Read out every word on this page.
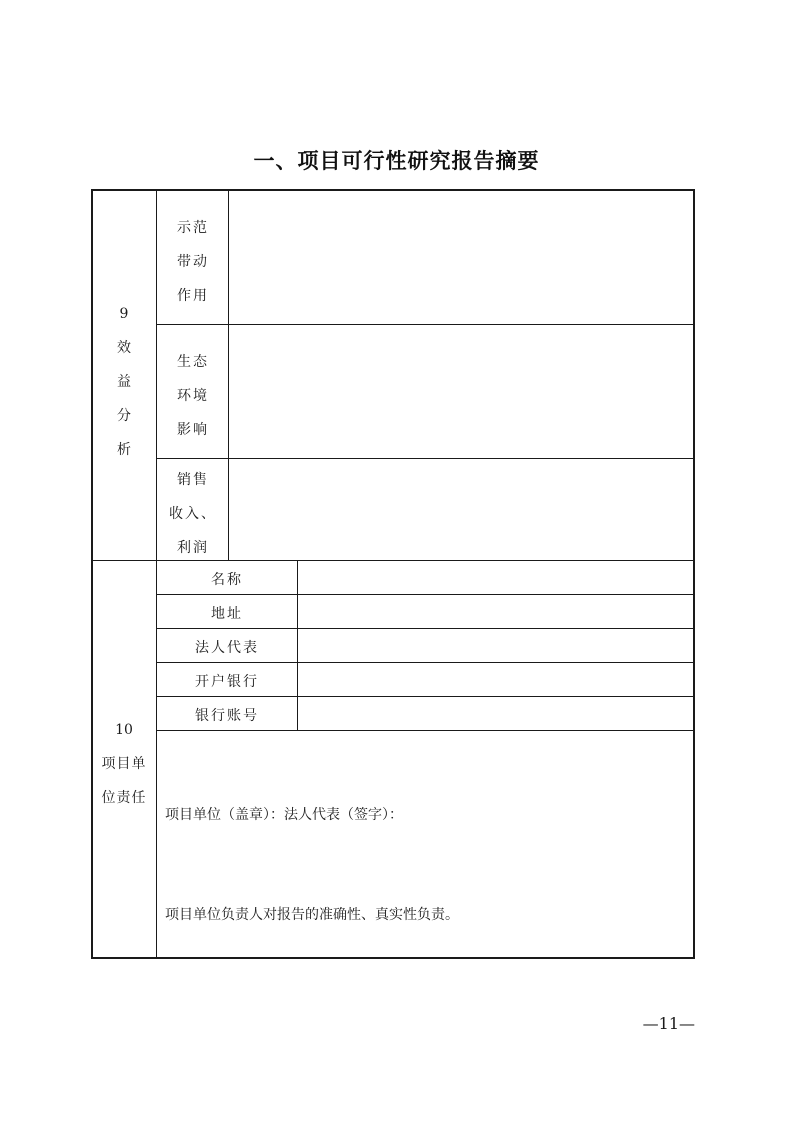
一、项目可行性研究报告摘要
9
效
益
分
析
示范
带动
作用
生态
环境
影响
销售
收入、
利润
10
项目单
位责任
名称
地址
法人代表
开户银行
银行账号
项目单位（盖章）：法人代表（签字）：
项目单位负责人对报告的准确性、真实性负责。
—11—
